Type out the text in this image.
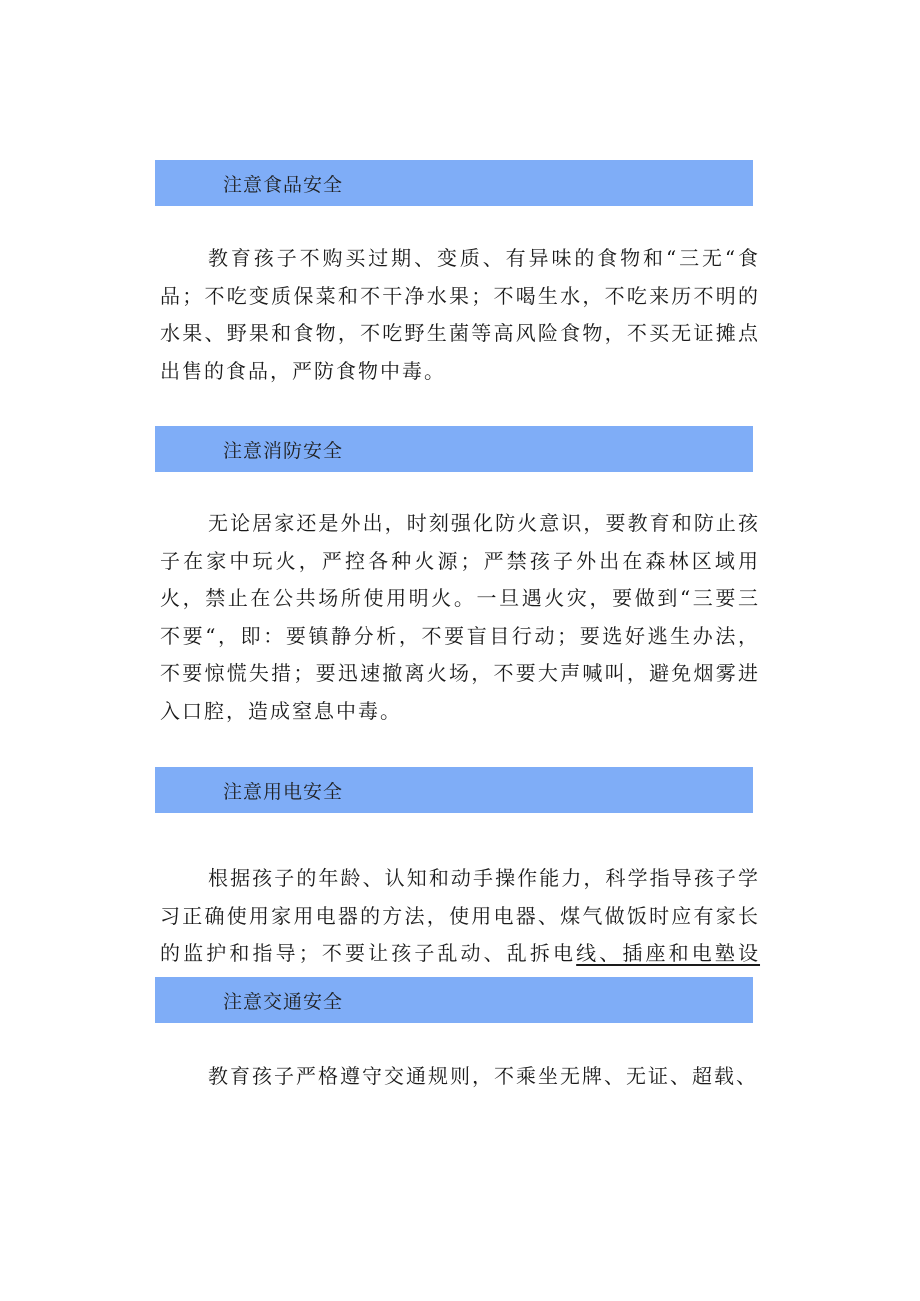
注意食品安全

教育孩子不购买过期、变质、有异味的食物和“三无“食品；不吃变质保菜和不干净水果；不喝生水，不吃来历不明的水果、野果和食物，不吃野生菌等高风险食物，不买无证摊点出售的食品，严防食物中毒。

注意消防安全

无论居家还是外出，时刻强化防火意识，要教育和防止孩子在家中玩火，严控各种火源；严禁孩子外出在森林区域用火，禁止在公共场所使用明火。一旦遇火灾，要做到“三要三不要“，即：要镇静分析，不要盲目行动；要选好逃生办法，不要惊慌失措；要迅速撤离火场，不要大声喊叫，避免烟雾进入口腔，造成窒息中毒。

注意用电安全

根据孩子的年龄、认知和动手操作能力，科学指导孩子学习正确使用家用电器的方法，使用电器、煤气做饭时应有家长的监护和指导；不要让孩子乱动、乱拆电线、插座和电塾设

注意交通安全

教育孩子严格遵守交通规则，不乘坐无牌、无证、超载、
